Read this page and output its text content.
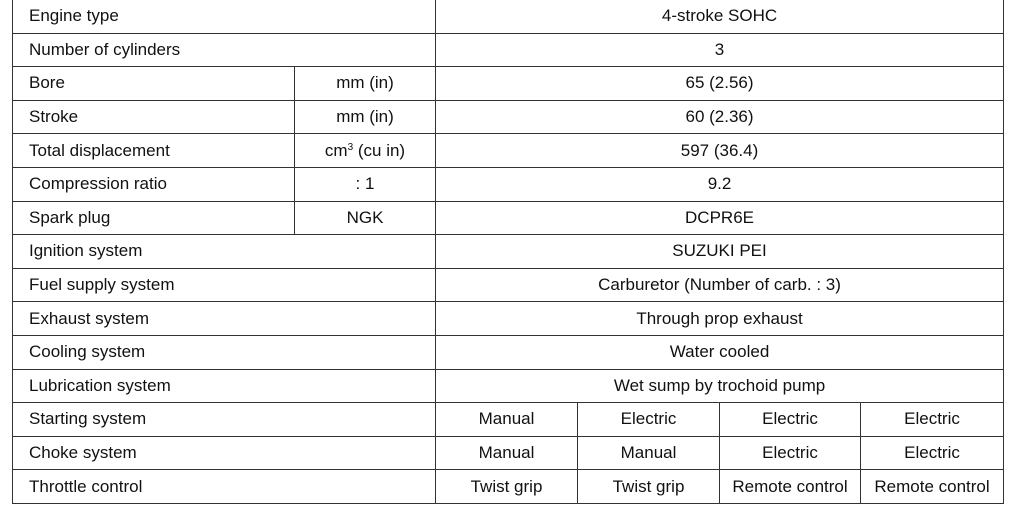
Engine type		4-stroke SOHC			
Number of cylinders		3			
Bore	mm (in)	65 (2.56)			
Stroke	mm (in)	60 (2.36)			
Total displacement	$cm^3$ (cu in)	597 (36.4)			
Compression ratio	: 1	9.2			
Spark plug	NGK	DCPR6E			
Ignition system		SUZUKI PEI			
Fuel supply system		Carburetor (Number of carb. : 3)			
Exhaust system		Through prop exhaust			
Cooling system		Water cooled			
Lubrication system		Wet sump by trochoid pump			
Starting system		Manual	Electric	Electric	Electric
Choke system		Manual	Manual	Electric	Electric
Throttle control		Twist grip	Twist grip	Remote control	Remote control
